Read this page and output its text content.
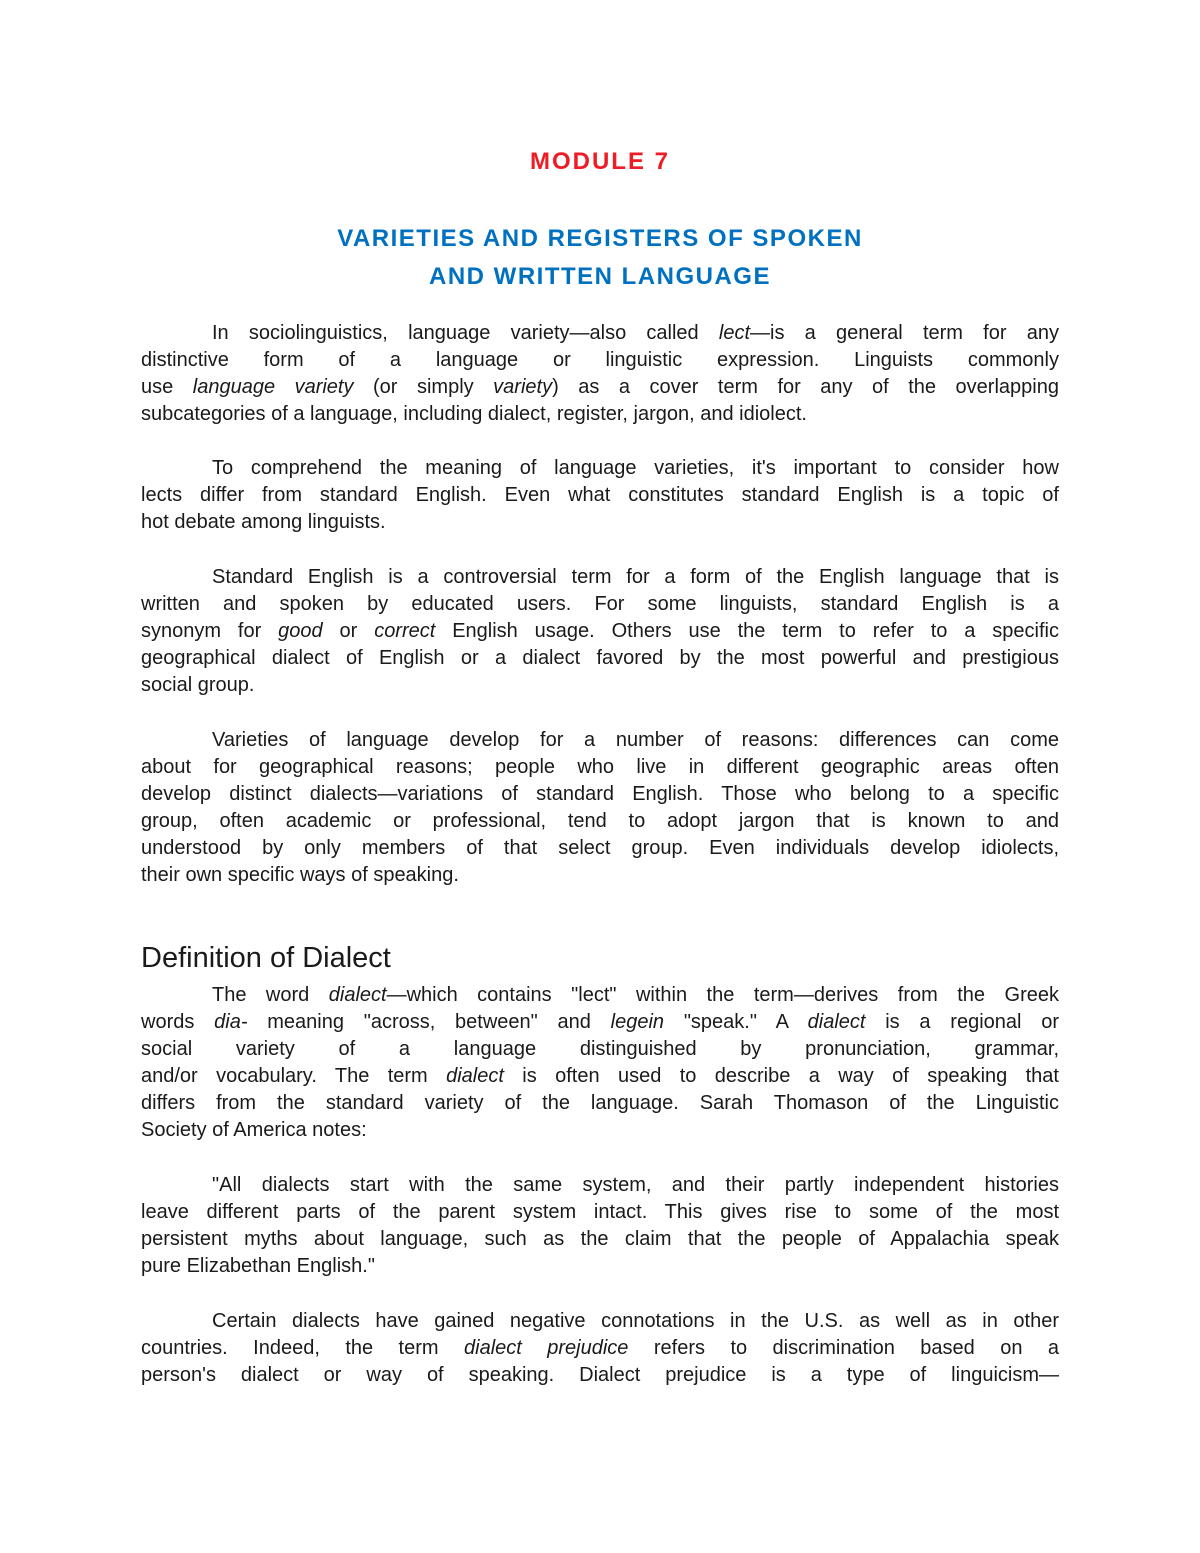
MODULE 7
VARIETIES AND REGISTERS OF SPOKEN
AND WRITTEN LANGUAGE
In sociolinguistics, language variety—also called lect—is a general term for any
distinctive form of a language or linguistic expression. Linguists commonly
use language variety (or simply variety) as a cover term for any of the overlapping
subcategories of a language, including dialect, register, jargon, and idiolect.
To comprehend the meaning of language varieties, it's important to consider how
lects differ from standard English. Even what constitutes standard English is a topic of
hot debate among linguists.
Standard English is a controversial term for a form of the English language that is
written and spoken by educated users. For some linguists, standard English is a
synonym for good or correct English usage. Others use the term to refer to a specific
geographical dialect of English or a dialect favored by the most powerful and prestigious
social group.
Varieties of language develop for a number of reasons: differences can come
about for geographical reasons; people who live in different geographic areas often
develop distinct dialects—variations of standard English. Those who belong to a specific
group, often academic or professional, tend to adopt jargon that is known to and
understood by only members of that select group. Even individuals develop idiolects,
their own specific ways of speaking.
Definition of Dialect
The word dialect—which contains "lect" within the term—derives from the Greek
words dia- meaning "across, between" and legein "speak." A dialect is a regional or
social variety of a language distinguished by pronunciation, grammar,
and/or vocabulary. The term dialect is often used to describe a way of speaking that
differs from the standard variety of the language. Sarah Thomason of the Linguistic
Society of America notes:
"All dialects start with the same system, and their partly independent histories
leave different parts of the parent system intact. This gives rise to some of the most
persistent myths about language, such as the claim that the people of Appalachia speak
pure Elizabethan English."
Certain dialects have gained negative connotations in the U.S. as well as in other
countries. Indeed, the term dialect prejudice refers to discrimination based on a
person's dialect or way of speaking. Dialect prejudice is a type of linguicism—
